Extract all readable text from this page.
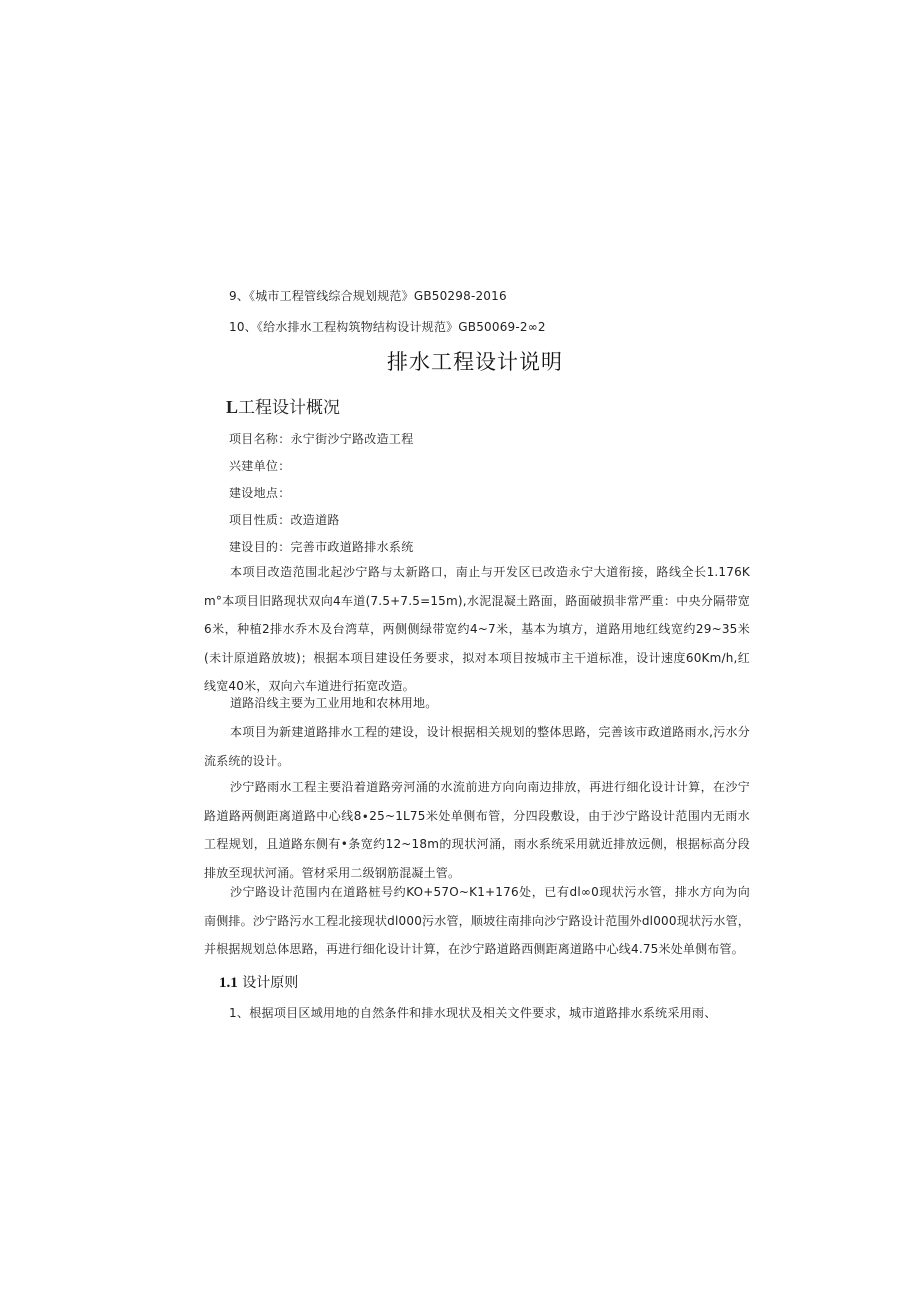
9、《城市工程管线综合规划规范》GB50298-2016
10、《给水排水工程构筑物结构设计规范》GB50069-2∞2
排水工程设计说明
L工程设计概况
项目名称：永宁街沙宁路改造工程
兴建单位：
建设地点：
项目性质：改造道路
建设目的：完善市政道路排水系统

本项目改造范围北起沙宁路与太新路口，南止与开发区已改造永宁大道衔接，路线全长1.176Km°本项目旧路现状双向4车道(7.5+7.5=15m),水泥混凝土路面，路面破损非常严重：中央分隔带宽6米，种植2排水乔木及台湾草，两侧侧绿带宽约4~7米，基本为填方，道路用地红线宽约29~35米(未计原道路放坡)；根据本项目建设任务要求，拟对本项目按城市主干道标准，设计速度60Km∕h,红线宽40米，双向六车道进行拓宽改造。

道路沿线主要为工业用地和农林用地。

本项目为新建道路排水工程的建设，设计根据相关规划的整体思路，完善该市政道路雨水,污水分流系统的设计。

沙宁路雨水工程主要沿着道路旁河涌的水流前进方向向南边排放，再进行细化设计计算，在沙宁路道路两侧距离道路中心线8∙25~1L75米处单侧布管，分四段敷设，由于沙宁路设计范围内无雨水工程规划，且道路东侧有•条宽约12~18m的现状河涌，雨水系统采用就近排放远侧，根据标高分段排放至现状河涌。管材采用二级钢筋混凝土管。

沙宁路设计范围内在道路桩号约KO+57O~K1+176处，已有dl∞0现状污水管，排水方向为向南侧排。沙宁路污水工程北接现状dl000污水管，顺坡往南排向沙宁路设计范围外dl000现状污水管，并根据规划总体思路，再进行细化设计计算，在沙宁路道路西侧距离道路中心线4.75米处单侧布管。

1.1 设计原则
1、根据项目区域用地的自然条件和排水现状及相关文件要求，城市道路排水系统采用雨、
